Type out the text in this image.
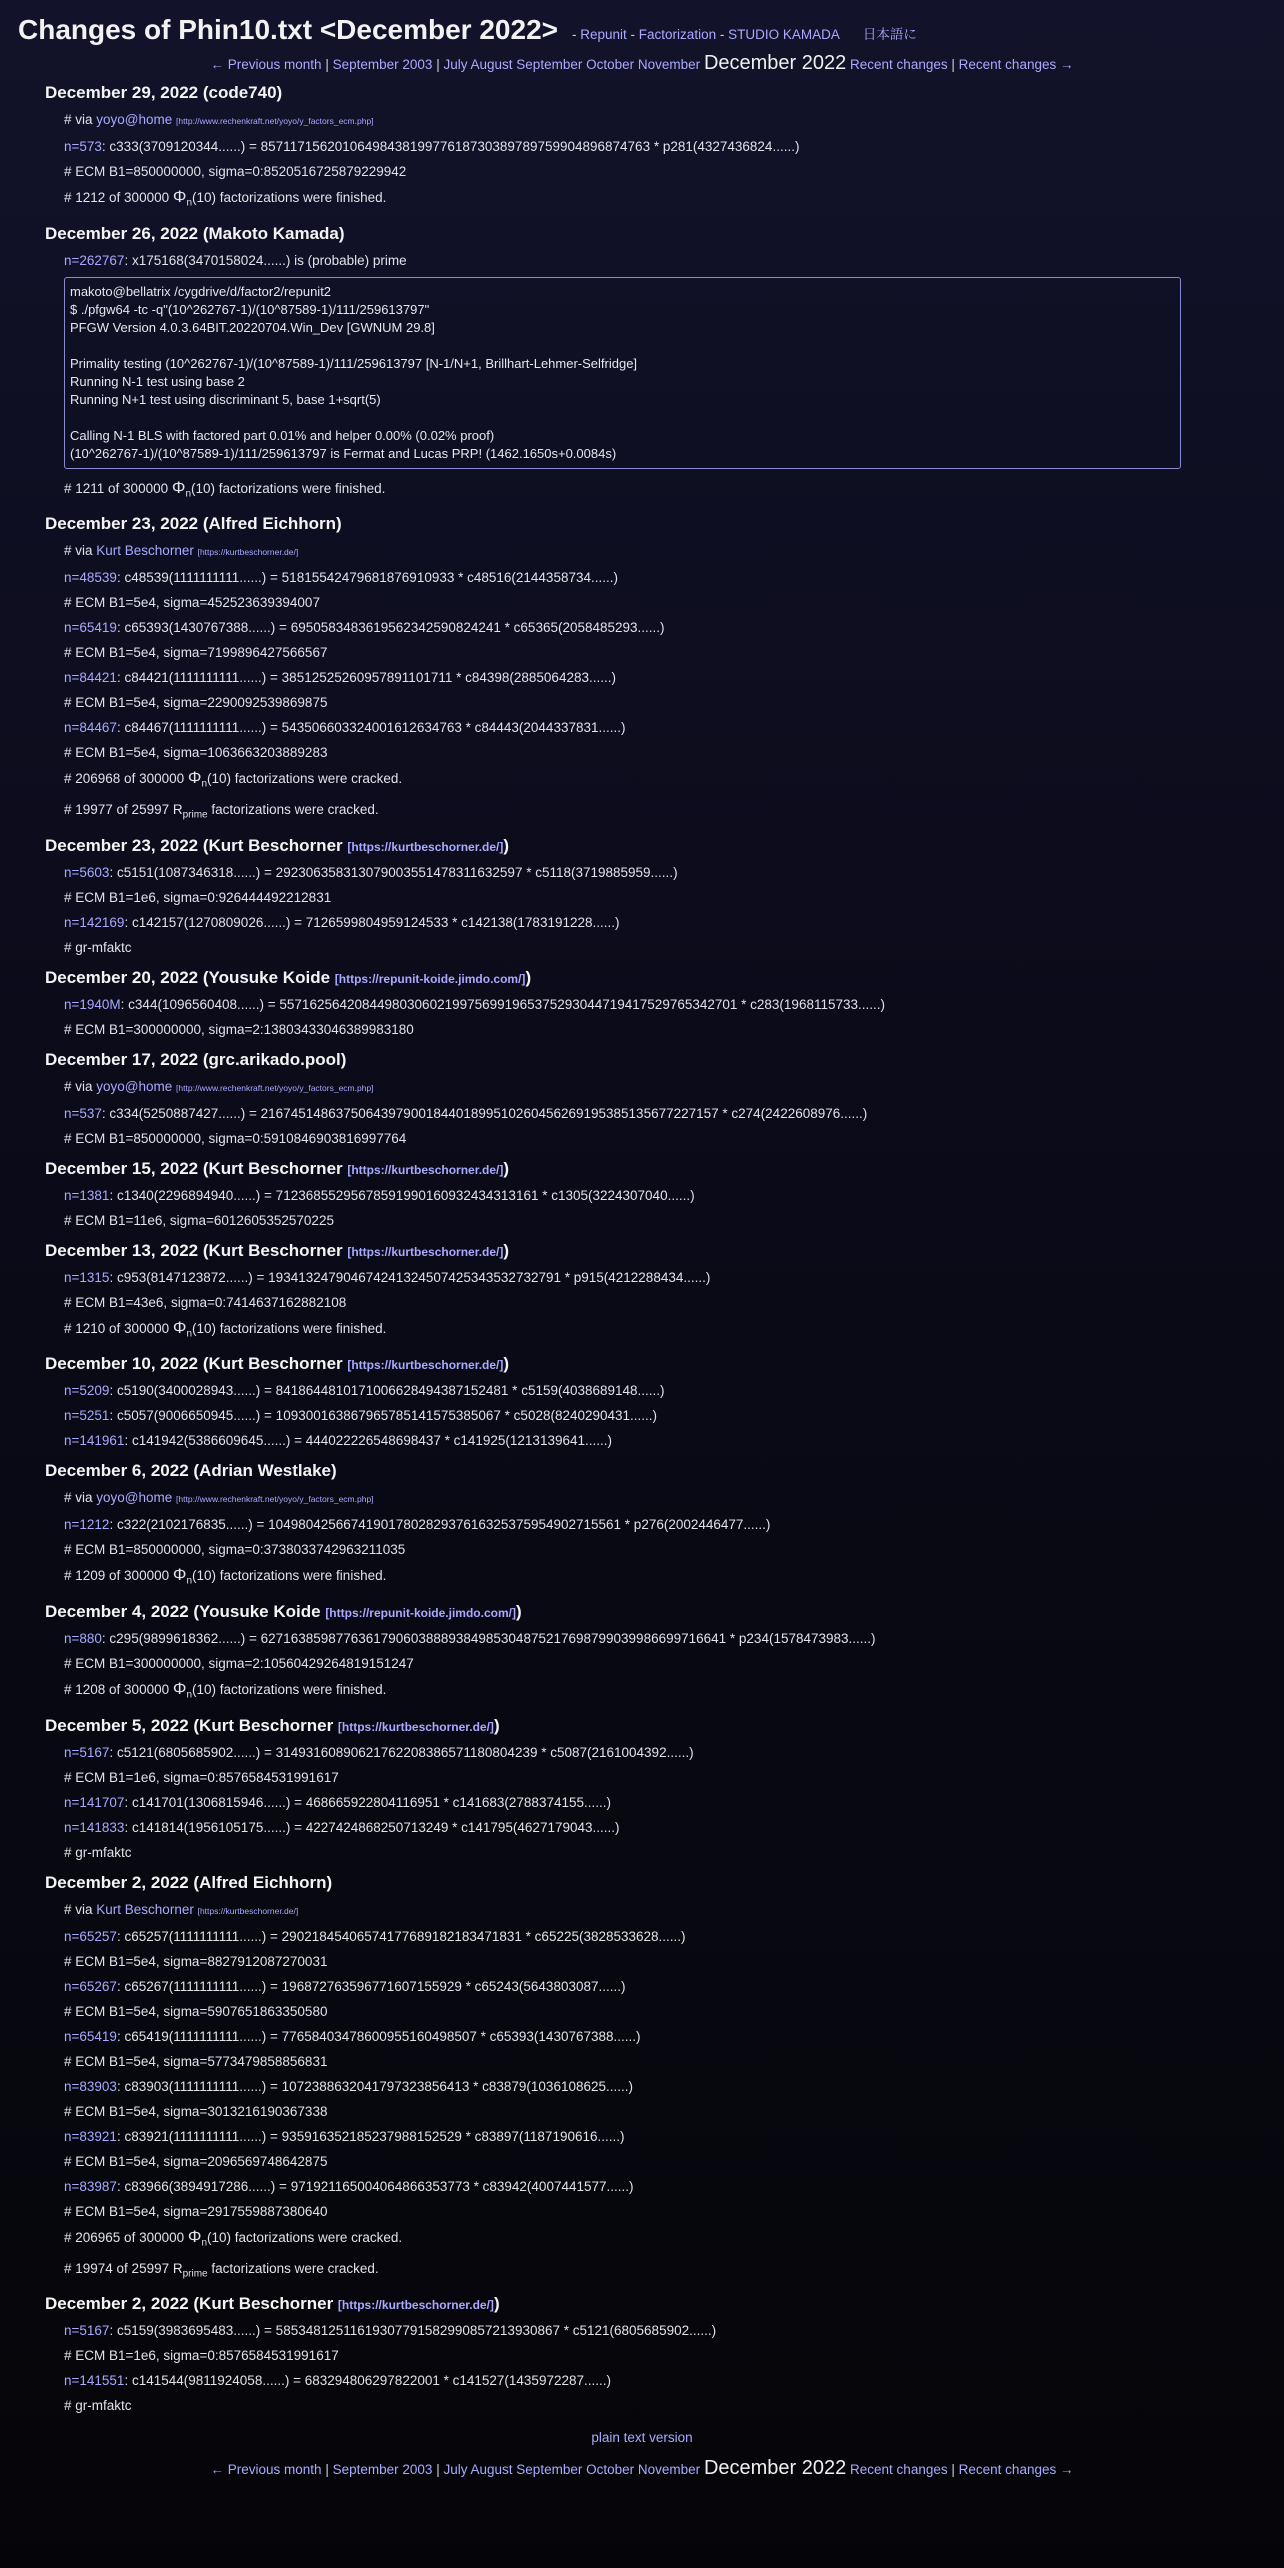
Changes of Phin10.txt <December 2022> - Repunit - Factorization - STUDIO KAMADA 日本語に
← Previous month | September 2003 | July August September October November December 2022 Recent changes | Recent changes →
December 29, 2022 (code740)
# via yoyo@home [http://www.rechenkraft.net/yoyo/y_factors_ecm.php]
n=573: c333(3709120344......) = 857117156201064984381997761873038978975990489687476​3 * p281(4327436824......)
# ECM B1=850000000, sigma=0:8520516725879229942
# 1212 of 300000 $\Phi_n(10)$ factorizations were finished.
December 26, 2022 (Makoto Kamada)
n=262767: x175168(3470158024......) is (probable) prime
makoto@bellatrix /cygdrive/d/factor2/repunit2
$ ./pfgw64 -tc -q"(10^262767-1)/(10^87589-1)/111/259613797"
PFGW Version 4.0.3.64BIT.20220704.Win_Dev [GWNUM 29.8]

Primality testing (10^262767-1)/(10^87589-1)/111/259613797 [N-1/N+1, Brillhart-Lehmer-Selfridge]
Running N-1 test using base 2
Running N+1 test using discriminant 5, base 1+sqrt(5)

Calling N-1 BLS with factored part 0.01% and helper 0.00% (0.02% proof)
(10^262767-1)/(10^87589-1)/111/259613797 is Fermat and Lucas PRP! (1462.1650s+0.0084s)
# 1211 of 300000 $\Phi_n(10)$ factorizations were finished.
December 23, 2022 (Alfred Eichhorn)
# via Kurt Beschorner [https://kurtbeschorner.de/]
n=48539: c48539(1111111111......) = 5181554247968187691093​3 * c48516(2144358734......)
# ECM B1=5e4, sigma=452523639394007
n=65419: c65393(1430767388......) = 6950583483619562342590824241 * c65365(2058485293......)
# ECM B1=5e4, sigma=7199896427566567
n=84421: c84421(1111111111......) = 385125252609578911017​11 * c84398(2885064283......)
# ECM B1=5e4, sigma=2290092539869875
n=84467: c84467(1111111111......) = 543506603324001612634763 * c84443(2044337831......)
# ECM B1=5e4, sigma=1063663203889283
# 206968 of 300000 $\Phi_n(10)$ factorizations were cracked.
# 19977 of 25997 $R_{prime}$ factorizations were cracked.
December 23, 2022 (Kurt Beschorner [https://kurtbeschorner.de/])
n=5603: c5151(1087346318......) = 29230635831307900355147831163259​7 * c5118(3719885959......)
# ECM B1=1e6, sigma=0:926444492212831
n=142169: c142157(1270809026......) = 7126599804959124533 * c142138(1783191228......)
# gr-mfaktc
December 20, 2022 (Yousuke Koide [https://repunit-koide.jimdo.com/])
n=1940M: c344(1096560408......) = 557162564208449803060219975699196537529304471941752976534270​1 * c283(1968115733......)
# ECM B1=300000000, sigma=2:1380343304638998318​0
December 17, 2022 (grc.arikado.pool)
# via yoyo@home [http://www.rechenkraft.net/yoyo/y_factors_ecm.php]
n=537: c334(5250887427......) = 216745148637506439790018440189951026045626919538513567722715​7 * c274(2422608976......)
# ECM B1=850000000, sigma=0:591084690381699776​4
December 15, 2022 (Kurt Beschorner [https://kurtbeschorner.de/])
n=1381: c1340(2296894940......) = 71236855295678591990160932434313161 * c1305(3224307040......)
# ECM B1=11e6, sigma=6012605352570225
December 13, 2022 (Kurt Beschorner [https://kurtbeschorner.de/])
n=1315: c953(8147123872......) = 19341324790467424132450742534353273279​1 * p915(4212288434......)
# ECM B1=43e6, sigma=0:7414637162882108
# 1210 of 300000 $\Phi_n(10)$ factorizations were finished.
December 10, 2022 (Kurt Beschorner [https://kurtbeschorner.de/])
n=5209: c5190(3400028943......) = 84186448101710066284943871524​81 * c5159(4038689148......)
n=5251: c5057(9006650945......) = 10930016386796578514157538506​7 * c5028(8240290431......)
n=141961: c141942(5386609645......) = 444022226548698437 * c141925(1213139641......)
December 6, 2022 (Adrian Westlake)
# via yoyo@home [http://www.rechenkraft.net/yoyo/y_factors_ecm.php]
n=1212: c322(2102176835......) = 10498042566741901780282937616325375954902715561 * p276(2002446477......)
# ECM B1=850000000, sigma=0:3738033742963211035
# 1209 of 300000 $\Phi_n(10)$ factorizations were finished.
December 4, 2022 (Yousuke Koide [https://repunit-koide.jimdo.com/])
n=880: c295(9899618362......) = 627163859877636179060388893849853048752176987990399866997166​41 * p234(1578473983......)
# ECM B1=300000000, sigma=2:10560429264819151247
# 1208 of 300000 $\Phi_n(10)$ factorizations were finished.
December 5, 2022 (Kurt Beschorner [https://kurtbeschorner.de/])
n=5167: c5121(6805685902......) = 3149316089062176220838657118080423​9 * c5087(2161004392......)
# ECM B1=1e6, sigma=0:8576584531991617
n=141707: c141701(1306815946......) = 468665922804116951 * c141683(2788374155......)
n=141833: c141814(1956105175......) = 4227424868250713249 * c141795(4627179043......)
# gr-mfaktc
December 2, 2022 (Alfred Eichhorn)
# via Kurt Beschorner [https://kurtbeschorner.de/]
n=65257: c65257(1111111111......) = 29021845406574177689182183471831 * c65225(3828533628......)
# ECM B1=5e4, sigma=8827912087270031
n=65267: c65267(1111111111......) = 196872763596771607155929 * c65243(5643803087......)
# ECM B1=5e4, sigma=5907651863350580
n=65419: c65419(1111111111......) = 776584034786009551604985​07 * c65393(1430767388......)
# ECM B1=5e4, sigma=5773479858856831
n=83903: c83903(1111111111......) = 107238863204179732385641​3 * c83879(1036108625......)
# ECM B1=5e4, sigma=3013216190367338
n=83921: c83921(1111111111......) = 9359163521852379881525​29 * c83897(1187190616......)
# ECM B1=5e4, sigma=2096569748642875
n=83987: c83966(3894917286......) = 971921165004064866353773 * c83942(4007441577......)
# ECM B1=5e4, sigma=2917559887380640
# 206965 of 300000 $\Phi_n(10)$ factorizations were cracked.
# 19974 of 25997 $R_{prime}$ factorizations were cracked.
December 2, 2022 (Kurt Beschorner [https://kurtbeschorner.de/])
n=5167: c5159(3983695483......) = 5853481251161930779158299085721393086​7 * c5121(6805685902......)
# ECM B1=1e6, sigma=0:8576584531991617
n=141551: c141544(9811924058......) = 683294806297822001 * c141527(1435972287......)
# gr-mfaktc
plain text version
← Previous month | September 2003 | July August September October November December 2022 Recent changes | Recent changes →
